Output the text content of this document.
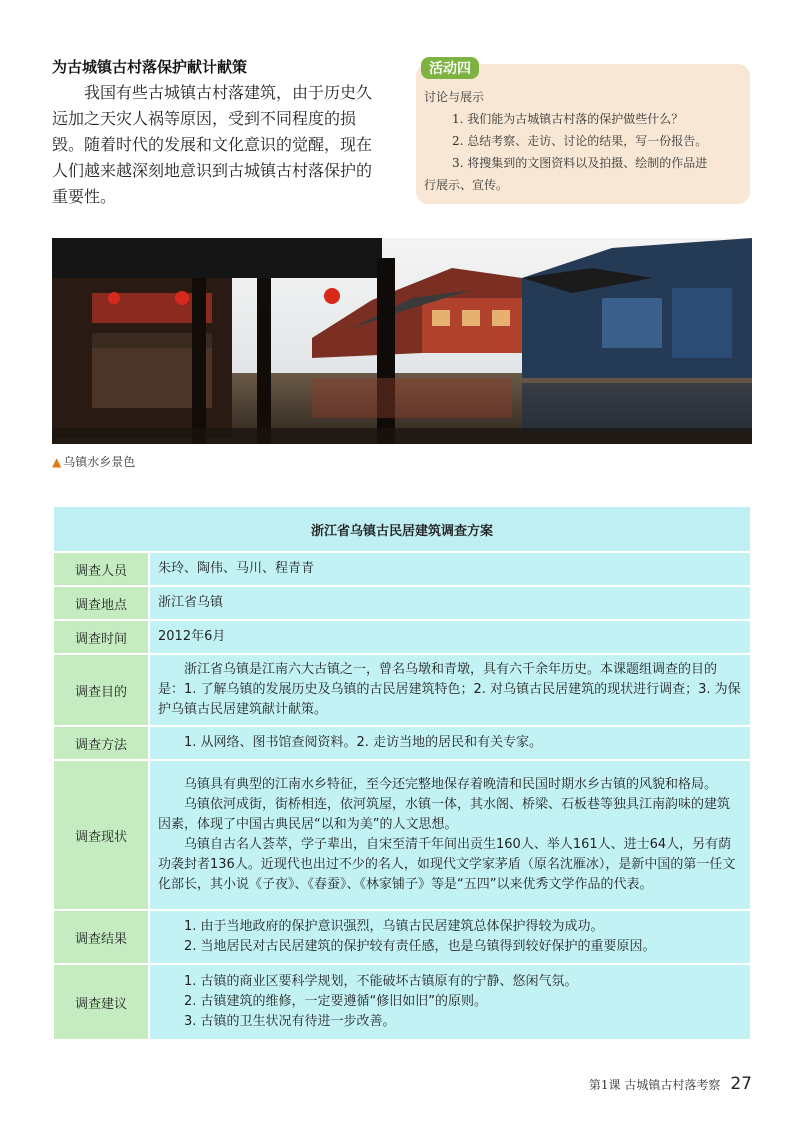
为古城镇古村落保护献计献策

我国有些古城镇古村落建筑，由于历史久远加之天灾人祸等原因，受到不同程度的损毁。随着时代的发展和文化意识的觉醒，现在人们越来越深刻地意识到古城镇古村落保护的重要性。

活动四
讨论与展示
1. 我们能为古城镇古村落的保护做些什么？
2. 总结考察、走访、讨论的结果，写一份报告。
3. 将搜集到的文图资料以及拍摄、绘制的作品进
行展示、宣传。
▲ 乌镇水乡景色
浙江省乌镇古民居建筑调查方案	
调查人员	朱玲、陶伟、马川、程青青
调查地点	浙江省乌镇
调查时间	2012年6月
调查目的	浙江省乌镇是江南六大古镇之一，曾名乌墩和青墩，具有六千余年历史。本课题组调查的目的是：1. 了解乌镇的发展历史及乌镇的古民居建筑特色；2. 对乌镇古民居建筑的现状进行调查；3. 为保护乌镇古民居建筑献计献策。

调查方法	1. 从网络、图书馆查阅资料。2. 走访当地的居民和有关专家。

调查现状	乌镇具有典型的江南水乡特征，至今还完整地保存着晚清和民国时期水乡古镇的风貌和格局。

乌镇依河成街，街桥相连，依河筑屋，水镇一体，其水阁、桥梁、石板巷等独具江南韵味的建筑因素，体现了中国古典民居“以和为美”的人文思想。

乌镇自古名人荟萃，学子辈出，自宋至清千年间出贡生160人、举人161人、进士64人，另有荫功袭封者136人。近现代也出过不少的名人，如现代文学家茅盾（原名沈雁冰），是新中国的第一任文化部长，其小说《子夜》、《春蚕》、《林家铺子》等是“五四”以来优秀文学作品的代表。

调查结果	1. 由于当地政府的保护意识强烈，乌镇古民居建筑总体保护得较为成功。

2. 当地居民对古民居建筑的保护较有责任感，也是乌镇得到较好保护的重要原因。

调查建议	1. 古镇的商业区要科学规划，不能破坏古镇原有的宁静、悠闲气氛。

2. 古镇建筑的维修，一定要遵循“修旧如旧”的原则。

3. 古镇的卫生状况有待进一步改善。

第1课 古城镇古村落考察 27
